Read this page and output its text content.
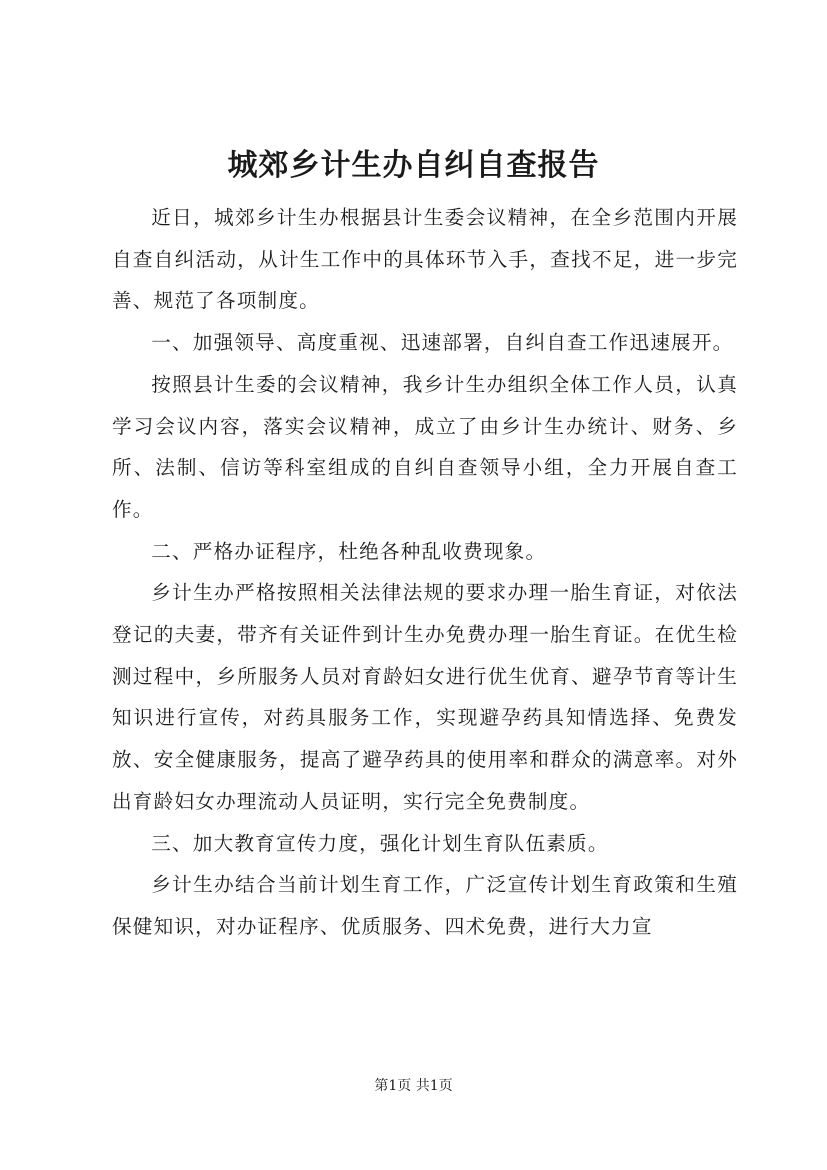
城郊乡计生办自纠自查报告

近日，城郊乡计生办根据县计生委会议精神，在全乡范围内开展自查自纠活动，从计生工作中的具体环节入手，查找不足，进一步完善、规范了各项制度。

一、加强领导、高度重视、迅速部署，自纠自查工作迅速展开。

按照县计生委的会议精神，我乡计生办组织全体工作人员，认真学习会议内容，落实会议精神，成立了由乡计生办统计、财务、乡所、法制、信访等科室组成的自纠自查领导小组，全力开展自查工作。

二、严格办证程序，杜绝各种乱收费现象。

乡计生办严格按照相关法律法规的要求办理一胎生育证，对依法登记的夫妻，带齐有关证件到计生办免费办理一胎生育证。在优生检测过程中，乡所服务人员对育龄妇女进行优生优育、避孕节育等计生知识进行宣传，对药具服务工作，实现避孕药具知情选择、免费发放、安全健康服务，提高了避孕药具的使用率和群众的满意率。对外出育龄妇女办理流动人员证明，实行完全免费制度。

三、加大教育宣传力度，强化计划生育队伍素质。

乡计生办结合当前计划生育工作，广泛宣传计划生育政策和生殖保健知识，对办证程序、优质服务、四术免费，进行大力宣

第1页 共1页
